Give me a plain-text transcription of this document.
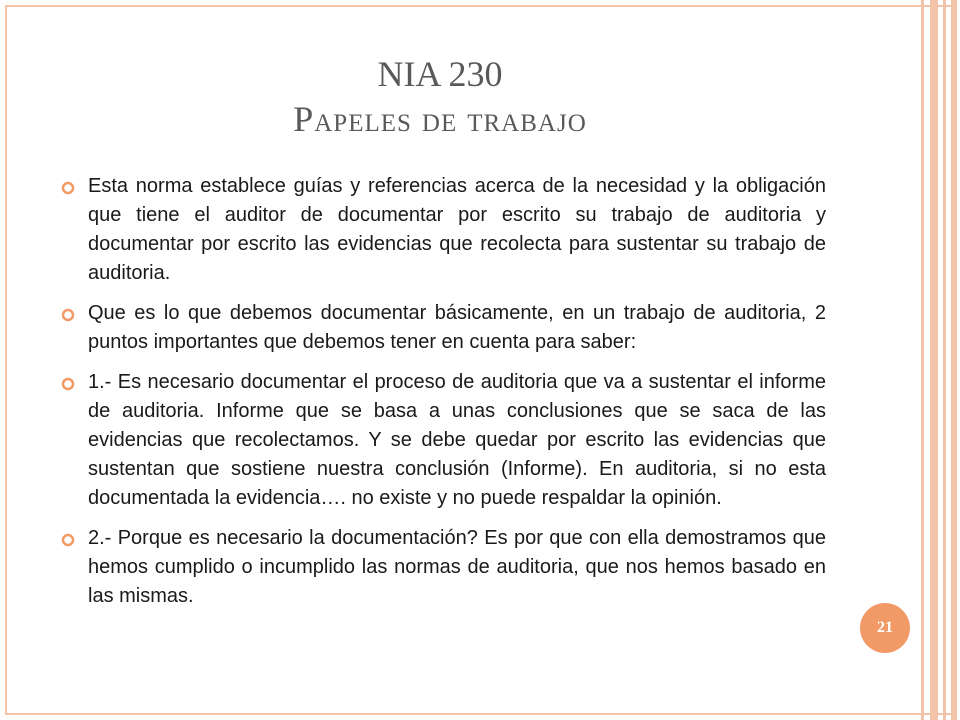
NIA 230
Papeles de trabajo
Esta norma establece guías y referencias acerca de la necesidad y la obligación que tiene el auditor de documentar por escrito su trabajo de auditoria y documentar por escrito las evidencias que recolecta para sustentar su trabajo de auditoria.
Que es lo que debemos documentar básicamente, en un trabajo de auditoria, 2 puntos importantes que debemos tener en cuenta para saber:
1.- Es necesario documentar el proceso de auditoria que va a sustentar el informe de auditoria. Informe que se basa a unas conclusiones que se saca de las evidencias que recolectamos. Y se debe quedar por escrito las evidencias que sustentan que sostiene nuestra conclusión (Informe). En auditoria, si no esta documentada la evidencia…. no existe y no puede respaldar la opinión.
2.- Porque es necesario la documentación? Es por que con ella demostramos que hemos cumplido o incumplido las normas de auditoria, que nos hemos basado en las mismas.
21
